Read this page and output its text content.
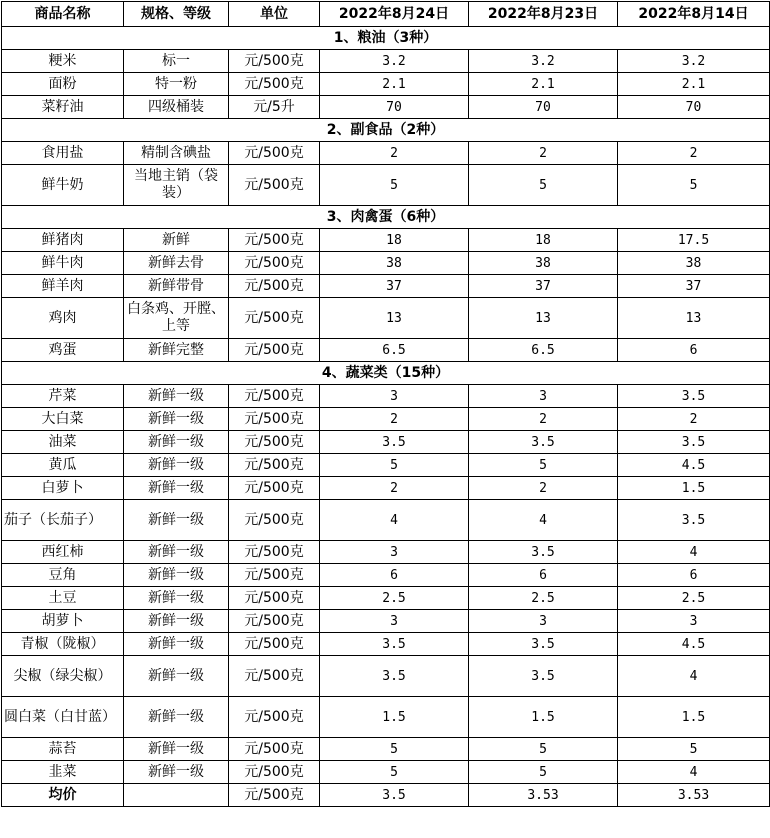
商品名称	规格、等级	单位	2022年8月24日	2022年8月23日	2022年8月14日
1、粮油（3种）					
粳米	标一	元/500克	3.2	3.2	3.2
面粉	特一粉	元/500克	2.1	2.1	2.1
菜籽油	四级桶装	元/5升	70	70	70
2、副食品（2种）					
食用盐	精制含碘盐	元/500克	2	2	2
鲜牛奶	当地主销（袋装）	元/500克	5	5	5
3、肉禽蛋（6种）					
鲜猪肉	新鲜	元/500克	18	18	17.5
鲜牛肉	新鲜去骨	元/500克	38	38	38
鲜羊肉	新鲜带骨	元/500克	37	37	37
鸡肉	白条鸡、开膛、上等	元/500克	13	13	13
鸡蛋	新鲜完整	元/500克	6.5	6.5	6
4、蔬菜类（15种）					
芹菜	新鲜一级	元/500克	3	3	3.5
大白菜	新鲜一级	元/500克	2	2	2
油菜	新鲜一级	元/500克	3.5	3.5	3.5
黄瓜	新鲜一级	元/500克	5	5	4.5
白萝卜	新鲜一级	元/500克	2	2	1.5
茄子（长茄子）	新鲜一级	元/500克	4	4	3.5
西红柿	新鲜一级	元/500克	3	3.5	4
豆角	新鲜一级	元/500克	6	6	6
土豆	新鲜一级	元/500克	2.5	2.5	2.5
胡萝卜	新鲜一级	元/500克	3	3	3
青椒（陇椒）	新鲜一级	元/500克	3.5	3.5	4.5
尖椒（绿尖椒）	新鲜一级	元/500克	3.5	3.5	4
圆白菜（白甘蓝）	新鲜一级	元/500克	1.5	1.5	1.5
蒜苔	新鲜一级	元/500克	5	5	5
韭菜	新鲜一级	元/500克	5	5	4
均价		元/500克	3.5	3.53	3.53
